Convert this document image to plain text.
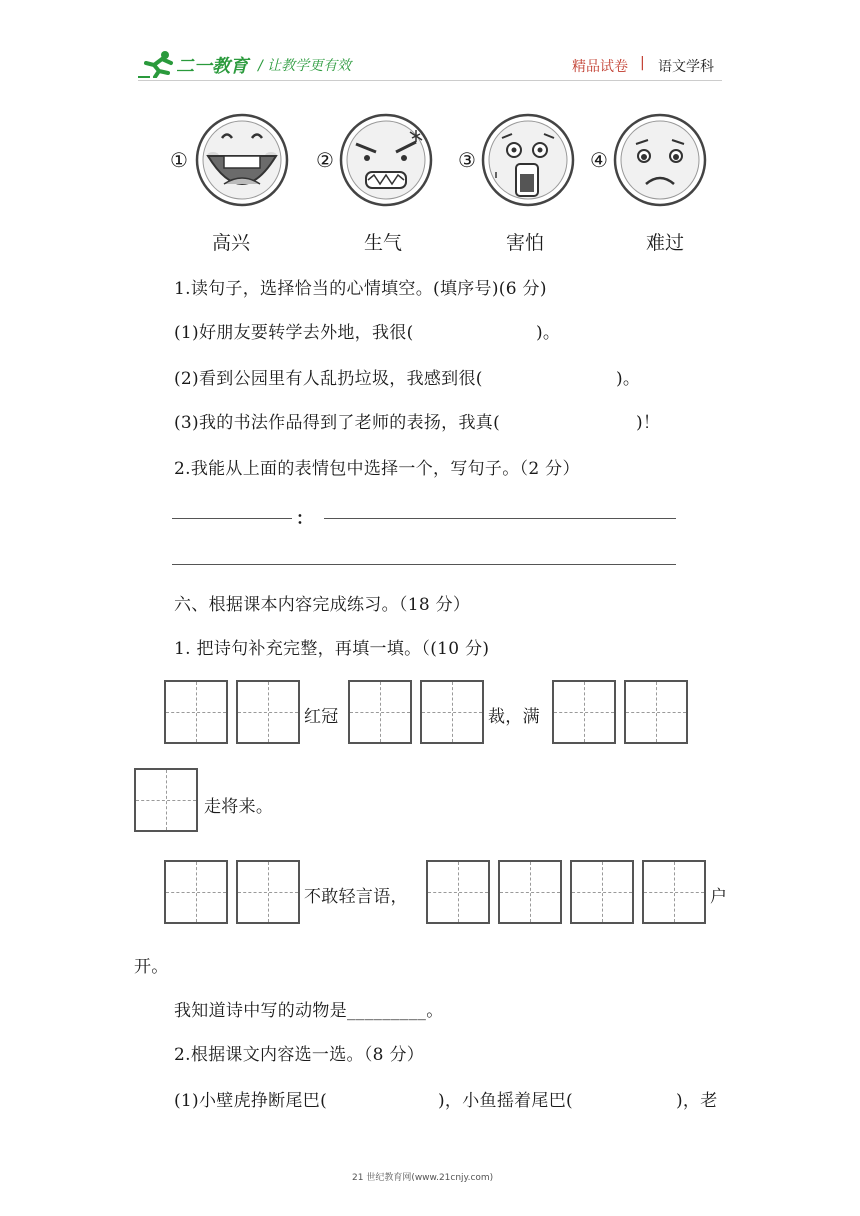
二一教育 / 让教学更有效	精品试卷 | 语文学科
①
高兴
②
生气
③
害怕
④
难过
1.读句子，选择恰当的心情填空。(填序号)(6 分)
(1)好朋友要转学去外地，我很(	)。
(2)看到公园里有人乱扔垃圾，我感到很(	)。
(3)我的书法作品得到了老师的表扬，我真(	)！
2.我能从上面的表情包中选择一个，写句子。（2 分）
：
六、根据课本内容完成练习。（18 分）
1. 把诗句补充完整，再填一填。（(10 分)
红冠	裁，满
走将来。
不敢轻言语，	户
开。
我知道诗中写的动物是_________。
2.根据课文内容选一选。（8 分）
(1)小壁虎挣断尾巴(	)，小鱼摇着尾巴(	)，老
21 世纪教育网(www.21cnjy.com)
